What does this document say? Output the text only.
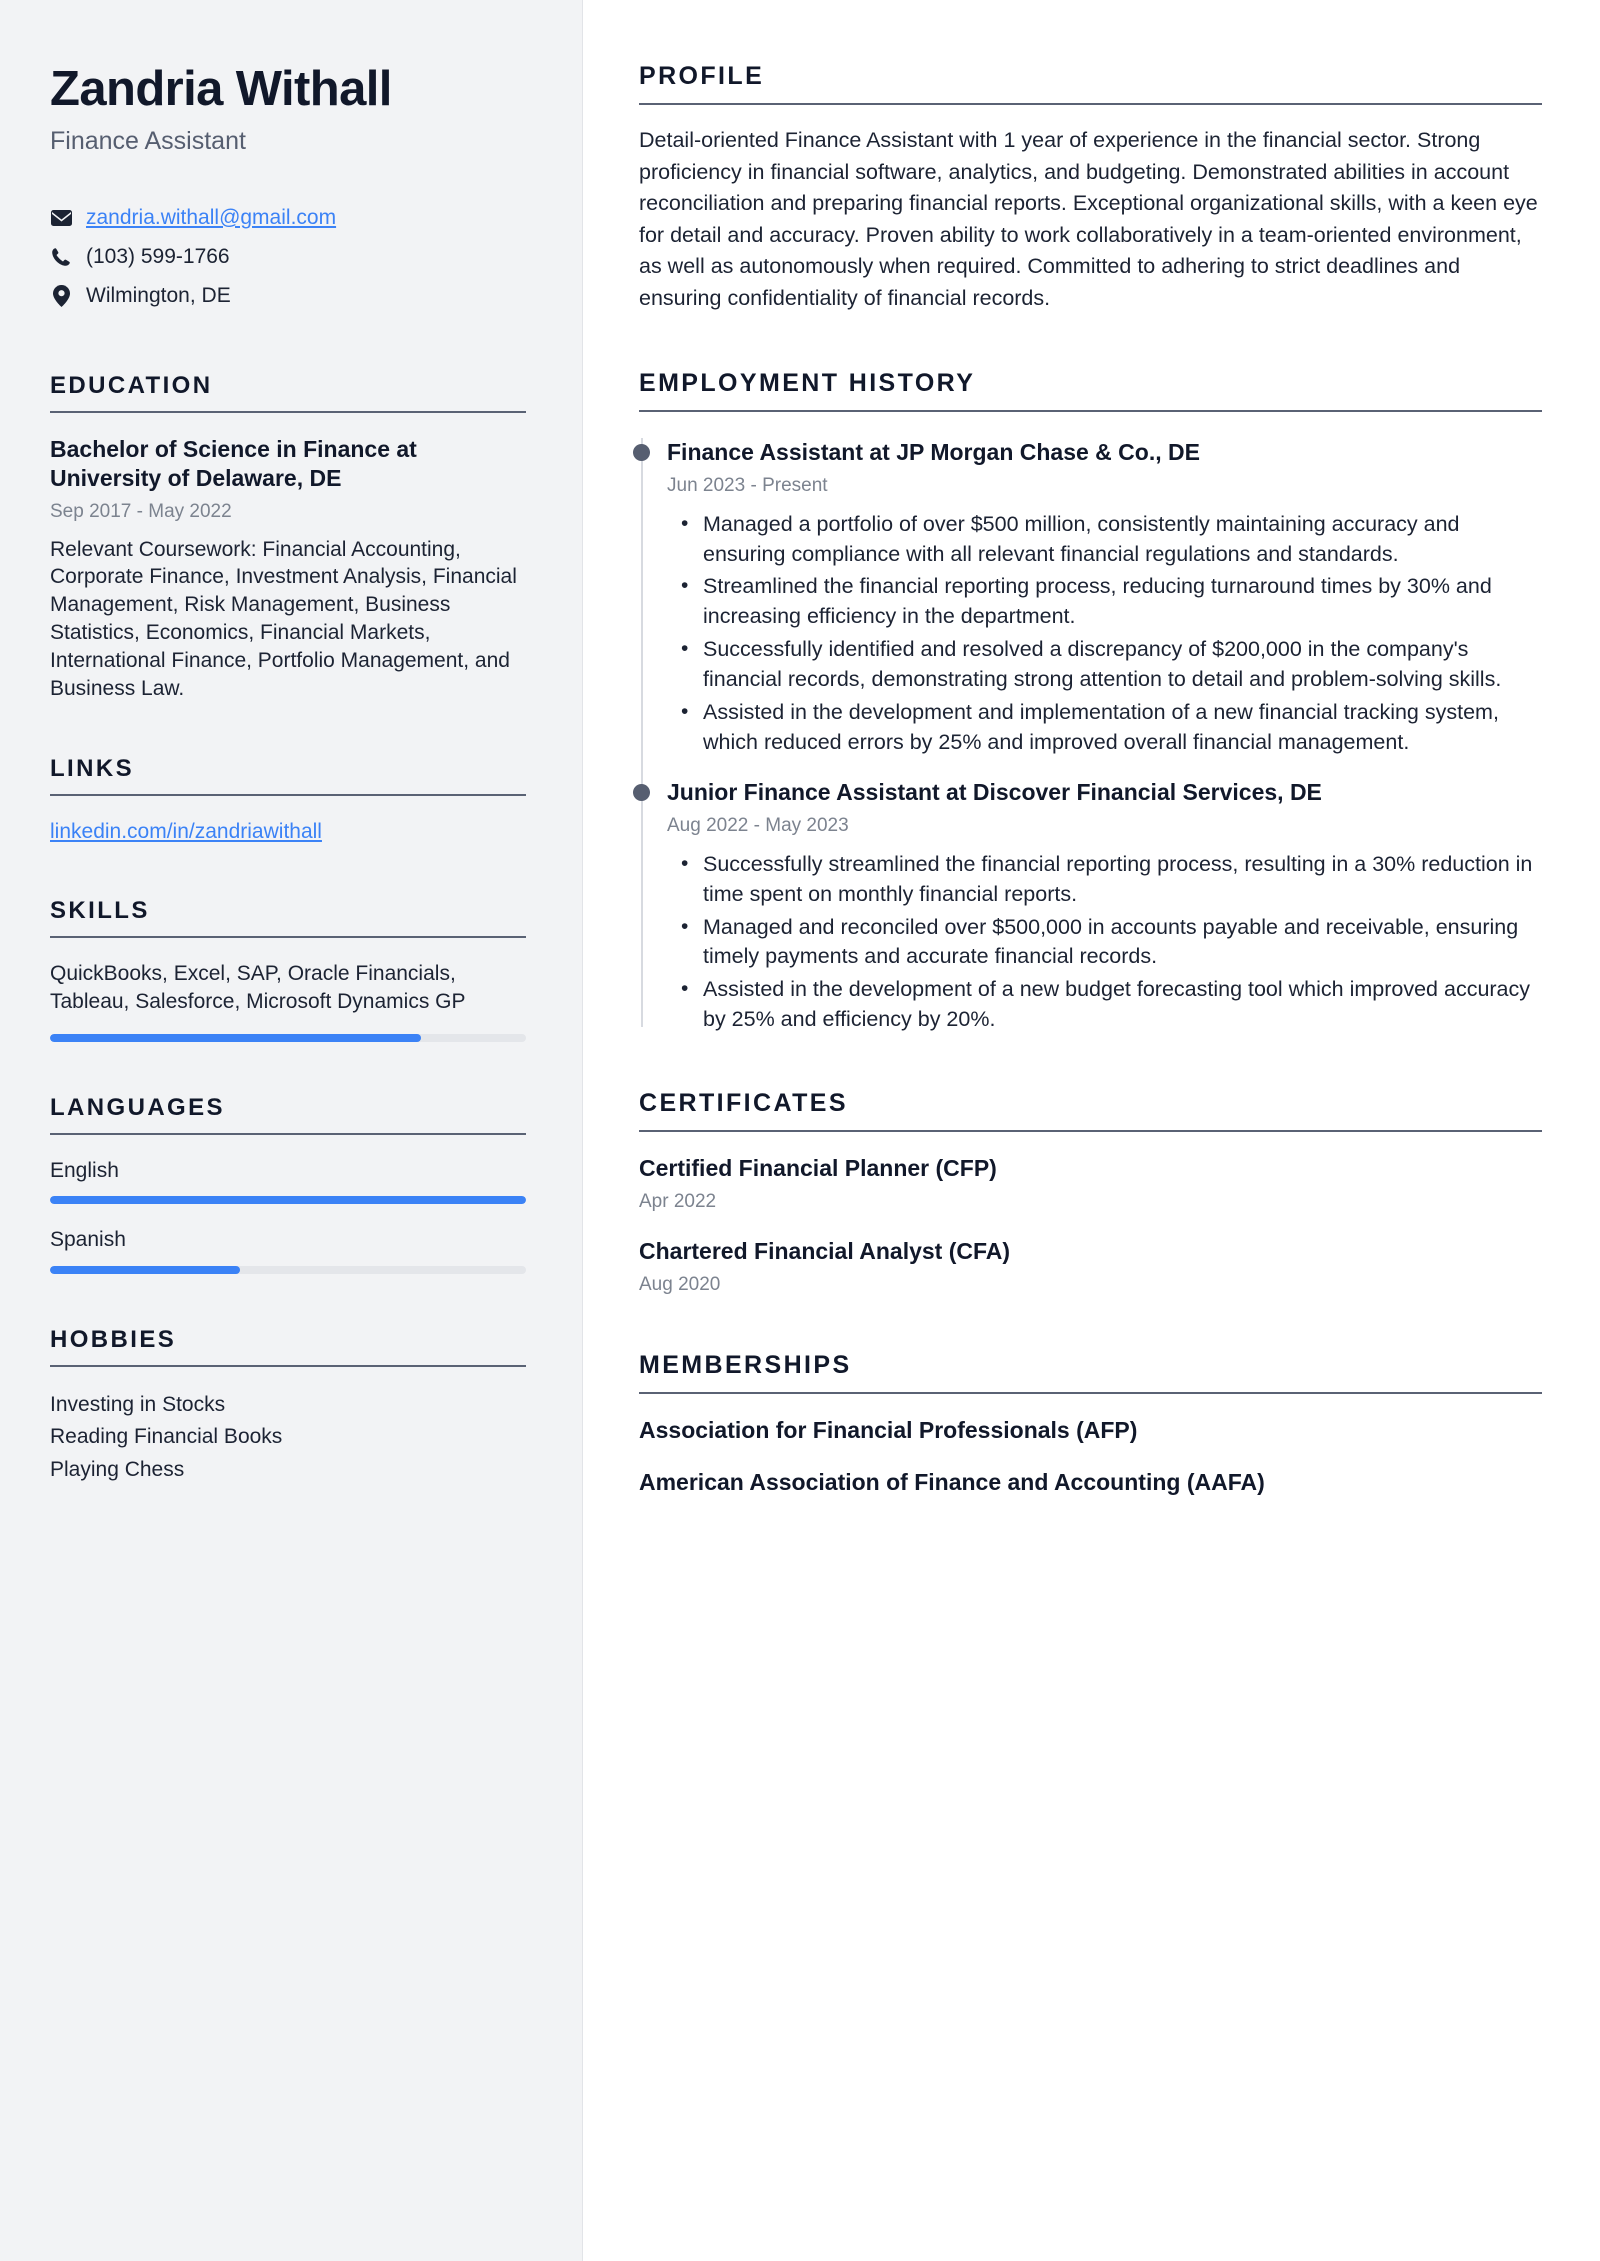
Zandria Withall
Finance Assistant
zandria.withall@gmail.com
(103) 599-1766
Wilmington, DE
EDUCATION
Bachelor of Science in Finance at University of Delaware, DE
Sep 2017 - May 2022
Relevant Coursework: Financial Accounting, Corporate Finance, Investment Analysis, Financial Management, Risk Management, Business Statistics, Economics, Financial Markets, International Finance, Portfolio Management, and Business Law.
LINKS
linkedin.com/in/zandriawithall
SKILLS
QuickBooks, Excel, SAP, Oracle Financials, Tableau, Salesforce, Microsoft Dynamics GP
LANGUAGES
English
Spanish
HOBBIES
Investing in Stocks
Reading Financial Books
Playing Chess
PROFILE

Detail-oriented Finance Assistant with 1 year of experience in the financial sector. Strong proficiency in financial software, analytics, and budgeting. Demonstrated abilities in account reconciliation and preparing financial reports. Exceptional organizational skills, with a keen eye for detail and accuracy. Proven ability to work collaboratively in a team-oriented environment, as well as autonomously when required. Committed to adhering to strict deadlines and ensuring confidentiality of financial records.

EMPLOYMENT HISTORY
Finance Assistant at JP Morgan Chase & Co., DE
Jun 2023 - Present
• Managed a portfolio of over $500 million, consistently maintaining accuracy and ensuring compliance with all relevant financial regulations and standards.
• Streamlined the financial reporting process, reducing turnaround times by 30% and increasing efficiency in the department.
• Successfully identified and resolved a discrepancy of $200,000 in the company's financial records, demonstrating strong attention to detail and problem-solving skills.
• Assisted in the development and implementation of a new financial tracking system, which reduced errors by 25% and improved overall financial management.
Junior Finance Assistant at Discover Financial Services, DE
Aug 2022 - May 2023
• Successfully streamlined the financial reporting process, resulting in a 30% reduction in time spent on monthly financial reports.
• Managed and reconciled over $500,000 in accounts payable and receivable, ensuring timely payments and accurate financial records.
• Assisted in the development of a new budget forecasting tool which improved accuracy by 25% and efficiency by 20%.
CERTIFICATES
Certified Financial Planner (CFP)
Apr 2022
Chartered Financial Analyst (CFA)
Aug 2020
MEMBERSHIPS
Association for Financial Professionals (AFP)
American Association of Finance and Accounting (AAFA)
